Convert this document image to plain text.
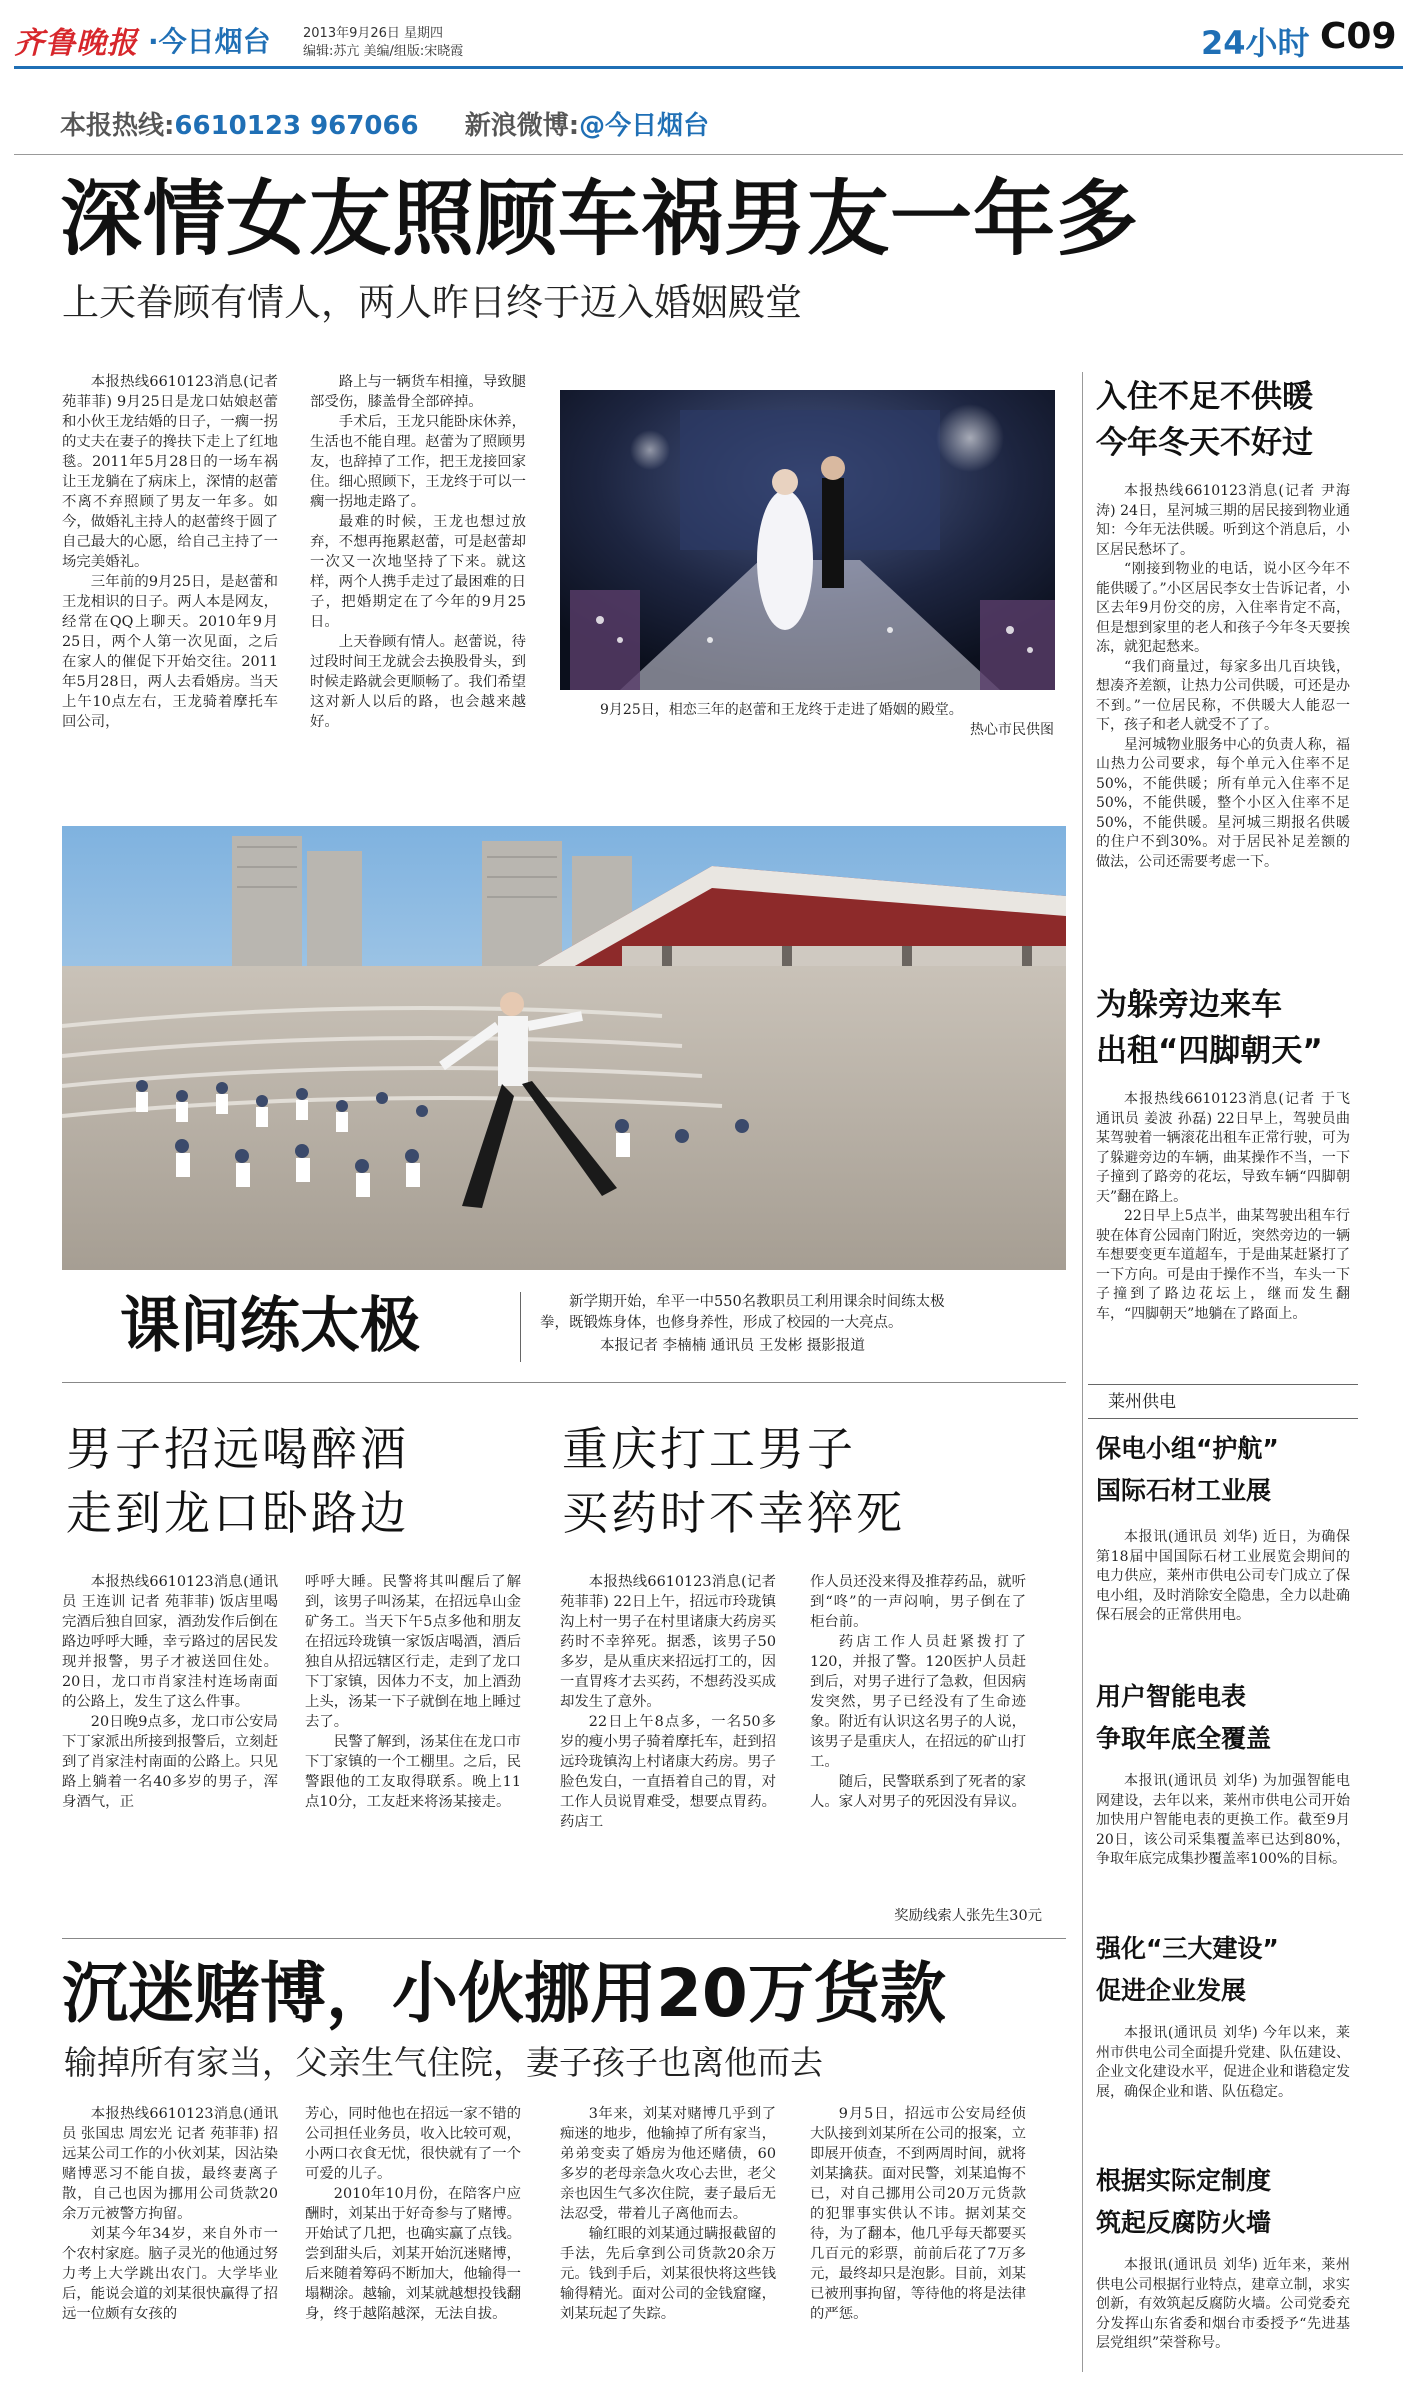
齐鲁晚报 ·今日烟台 2013年9月26日 星期四
编辑:苏亢 美编/组版:宋晓霞	24小时 C09
本报热线:6610123 967066 新浪微博:@今日烟台
深情女友照顾车祸男友一年多
上天眷顾有情人，两人昨日终于迈入婚姻殿堂

本报热线6610123消息(记者 苑菲菲) 9月25日是龙口姑娘赵蕾和小伙王龙结婚的日子，一瘸一拐的丈夫在妻子的搀扶下走上了红地毯。2011年5月28日的一场车祸让王龙躺在了病床上，深情的赵蕾不离不弃照顾了男友一年多。如今，做婚礼主持人的赵蕾终于圆了自己最大的心愿，给自己主持了一场完美婚礼。

三年前的9月25日，是赵蕾和王龙相识的日子。两人本是网友，经常在QQ上聊天。2010年9月25日，两个人第一次见面，之后在家人的催促下开始交往。2011年5月28日，两人去看婚房。当天上午10点左右，王龙骑着摩托车回公司，

路上与一辆货车相撞，导致腿部受伤，膝盖骨全部碎掉。

手术后，王龙只能卧床休养，生活也不能自理。赵蕾为了照顾男友，也辞掉了工作，把王龙接回家住。细心照顾下，王龙终于可以一瘸一拐地走路了。

最难的时候，王龙也想过放弃，不想再拖累赵蕾，可是赵蕾却一次又一次地坚持了下来。就这样，两个人携手走过了最困难的日子，把婚期定在了今年的9月25日。

上天眷顾有情人。赵蕾说，待过段时间王龙就会去换股骨头，到时候走路就会更顺畅了。我们希望这对新人以后的路，也会越来越好。

9月25日，相恋三年的赵蕾和王龙终于走进了婚姻的殿堂。
热心市民供图
课间练太极	新学期开始，牟平一中550名教职员工利用课余时间练太极拳，既锻炼身体，也修身养性，形成了校园的一大亮点。
本报记者 李楠楠 通讯员 王发彬 摄影报道
男子招远喝醉酒
走到龙口卧路边

本报热线6610123消息(通讯员 王连训 记者 苑菲菲) 饭店里喝完酒后独自回家，酒劲发作后倒在路边呼呼大睡，幸亏路过的居民发现并报警，男子才被送回住处。20日，龙口市肖家洼村连场南面的公路上，发生了这么件事。

20日晚9点多，龙口市公安局下丁家派出所接到报警后，立刻赶到了肖家洼村南面的公路上。只见路上躺着一名40多岁的男子，浑身酒气，正

呼呼大睡。民警将其叫醒后了解到，该男子叫汤某，在招远阜山金矿务工。当天下午5点多他和朋友在招远玲珑镇一家饭店喝酒，酒后独自从招远辖区行走，走到了龙口下丁家镇，因体力不支，加上酒劲上头，汤某一下子就倒在地上睡过去了。

民警了解到，汤某住在龙口市下丁家镇的一个工棚里。之后，民警跟他的工友取得联系。晚上11点10分，工友赶来将汤某接走。

重庆打工男子
买药时不幸猝死

本报热线6610123消息(记者 苑菲菲) 22日上午，招远市玲珑镇沟上村一男子在村里诸康大药房买药时不幸猝死。据悉，该男子50多岁，是从重庆来招远打工的，因一直胃疼才去买药，不想药没买成却发生了意外。

22日上午8点多，一名50多岁的瘦小男子骑着摩托车，赶到招远玲珑镇沟上村诸康大药房。男子脸色发白，一直捂着自己的胃，对工作人员说胃难受，想要点胃药。药店工

作人员还没来得及推荐药品，就听到“咚”的一声闷响，男子倒在了柜台前。

药店工作人员赶紧拨打了120，并报了警。120医护人员赶到后，对男子进行了急救，但因病发突然，男子已经没有了生命迹象。附近有认识这名男子的人说，该男子是重庆人，在招远的矿山打工。

随后，民警联系到了死者的家人。家人对男子的死因没有异议。

奖励线索人张先生30元
沉迷赌博，小伙挪用20万货款
输掉所有家当，父亲生气住院，妻子孩子也离他而去

本报热线6610123消息(通讯员 张国忠 周宏光 记者 苑菲菲) 招远某公司工作的小伙刘某，因沾染赌博恶习不能自拔，最终妻离子散，自己也因为挪用公司货款20余万元被警方拘留。

刘某今年34岁，来自外市一个农村家庭。脑子灵光的他通过努力考上大学跳出农门。大学毕业后，能说会道的刘某很快赢得了招远一位颇有女孩的

芳心，同时他也在招远一家不错的公司担任业务员，收入比较可观，小两口衣食无忧，很快就有了一个可爱的儿子。

2010年10月份，在陪客户应酬时，刘某出于好奇参与了赌博。开始试了几把，也确实赢了点钱。尝到甜头后，刘某开始沉迷赌博，后来随着筹码不断加大，他输得一塌糊涂。越输，刘某就越想投钱翻身，终于越陷越深，无法自拔。

3年来，刘某对赌博几乎到了痴迷的地步，他输掉了所有家当，弟弟变卖了婚房为他还赌债，60多岁的老母亲急火攻心去世，老父亲也因生气多次住院，妻子最后无法忍受，带着儿子离他而去。

输红眼的刘某通过瞒报截留的手法，先后拿到公司货款20余万元。钱到手后，刘某很快将这些钱输得精光。面对公司的金钱窟窿，刘某玩起了失踪。

9月5日，招远市公安局经侦大队接到刘某所在公司的报案，立即展开侦查，不到两周时间，就将刘某擒获。面对民警，刘某追悔不已，对自己挪用公司20万元货款的犯罪事实供认不讳。据刘某交待，为了翻本，他几乎每天都要买几百元的彩票，前前后花了7万多元，最终却只是泡影。目前，刘某已被刑事拘留，等待他的将是法律的严惩。

入住不足不供暖
今年冬天不好过

本报热线6610123消息(记者 尹海涛) 24日，星河城三期的居民接到物业通知：今年无法供暖。听到这个消息后，小区居民愁坏了。

“刚接到物业的电话，说小区今年不能供暖了。”小区居民李女士告诉记者，小区去年9月份交的房，入住率肯定不高，但是想到家里的老人和孩子今年冬天要挨冻，就犯起愁来。

“我们商量过，每家多出几百块钱，想凑齐差额，让热力公司供暖，可还是办不到。”一位居民称，不供暖大人能忍一下，孩子和老人就受不了了。

星河城物业服务中心的负责人称，福山热力公司要求，每个单元入住率不足50%，不能供暖；所有单元入住率不足50%，不能供暖，整个小区入住率不足50%，不能供暖。星河城三期报名供暖的住户不到30%。对于居民补足差额的做法，公司还需要考虑一下。

为躲旁边来车
出租“四脚朝天”

本报热线6610123消息(记者 于飞 通讯员 姜波 孙磊) 22日早上，驾驶员曲某驾驶着一辆滚花出租车正常行驶，可为了躲避旁边的车辆，曲某操作不当，一下子撞到了路旁的花坛，导致车辆“四脚朝天”翻在路上。

22日早上5点半，曲某驾驶出租车行驶在体育公园南门附近，突然旁边的一辆车想要变更车道超车，于是曲某赶紧打了一下方向。可是由于操作不当，车头一下子撞到了路边花坛上，继而发生翻车，“四脚朝天”地躺在了路面上。

莱州供电
保电小组“护航”
国际石材工业展

本报讯(通讯员 刘华) 近日，为确保第18届中国国际石材工业展览会期间的电力供应，莱州市供电公司专门成立了保电小组，及时消除安全隐患，全力以赴确保石展会的正常供用电。

用户智能电表
争取年底全覆盖

本报讯(通讯员 刘华) 为加强智能电网建设，去年以来，莱州市供电公司开始加快用户智能电表的更换工作。截至9月20日，该公司采集覆盖率已达到80%，争取年底完成集抄覆盖率100%的目标。

强化“三大建设”
促进企业发展

本报讯(通讯员 刘华) 今年以来，莱州市供电公司全面提升党建、队伍建设、企业文化建设水平，促进企业和谐稳定发展，确保企业和谐、队伍稳定。

根据实际定制度
筑起反腐防火墙

本报讯(通讯员 刘华) 近年来，莱州供电公司根据行业特点，建章立制，求实创新，有效筑起反腐防火墙。公司党委充分发挥山东省委和烟台市委授予“先进基层党组织”荣誉称号。
